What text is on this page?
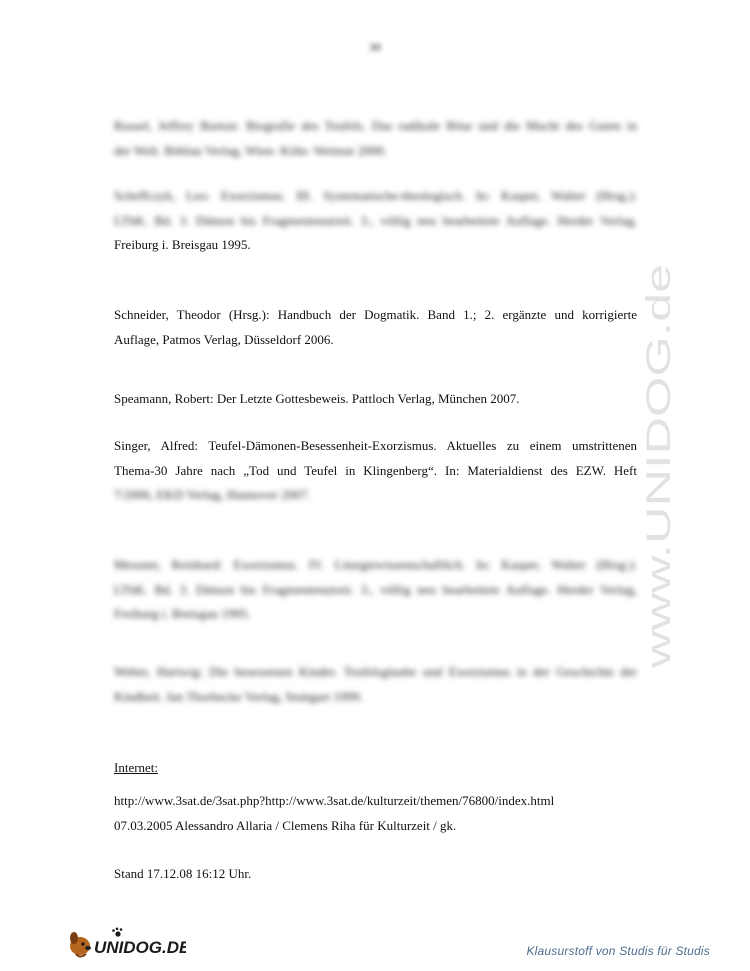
30
Russel, Jeffrey Burton: Biografie des Teufels. Das radikale Böse und die Macht des Guten in
der Welt. Böhlau Verlag, Wien- Köln- Weimar 2000.
Scheffczyk, Leo: Exorzismus. III. Systematische-theologisch. In: Kasper, Walter (Hrsg.):
LThK. Bd. 3. Dämon bis Fragmentenstreit. 3., völlig neu bearbeitete Auflage. Herder Verlag,
Freiburg i. Breisgau 1995.
Schneider, Theodor (Hrsg.): Handbuch der Dogmatik. Band 1.; 2. ergänzte und korrigierte
Auflage, Patmos Verlag, Düsseldorf 2006.
Speamann, Robert: Der Letzte Gottesbeweis. Pattloch Verlag, München 2007.
Singer, Alfred: Teufel-Dämonen-Besessenheit-Exorzismus. Aktuelles zu einem umstrittenen
Thema-30 Jahre nach „Tod und Teufel in Klingenberg“. In: Materialdienst des EZW. Heft
7/2006, EKD Verlag, Hannover 2007.
Messner, Reinhard: Exorzismus. IV. Liturgiewissenschaftlich. In: Kasper, Walter (Hrsg.):
LThK. Bd. 3. Dämon bis Fragmentenstreit. 3., völlig neu bearbeitete Auflage. Herder Verlag,
Freiburg i. Breisgau 1995.
Weber, Hartwig: Die besessenen Kinder. Teufelsglaube und Exorzismus in der Geschichte der
Kindheit. Jan Thorbecke Verlag, Stuttgart 1999.
Internet:
http://www.3sat.de/3sat.php?http://www.3sat.de/kulturzeit/themen/76800/index.html
07.03.2005 Alessandro Allaria / Clemens Riha für Kulturzeit / gk.
Stand 17.12.08 16:12 Uhr.
www.UNIDOG.de
UNIDOG.DE	Klausurstoff von Studis für Studis
